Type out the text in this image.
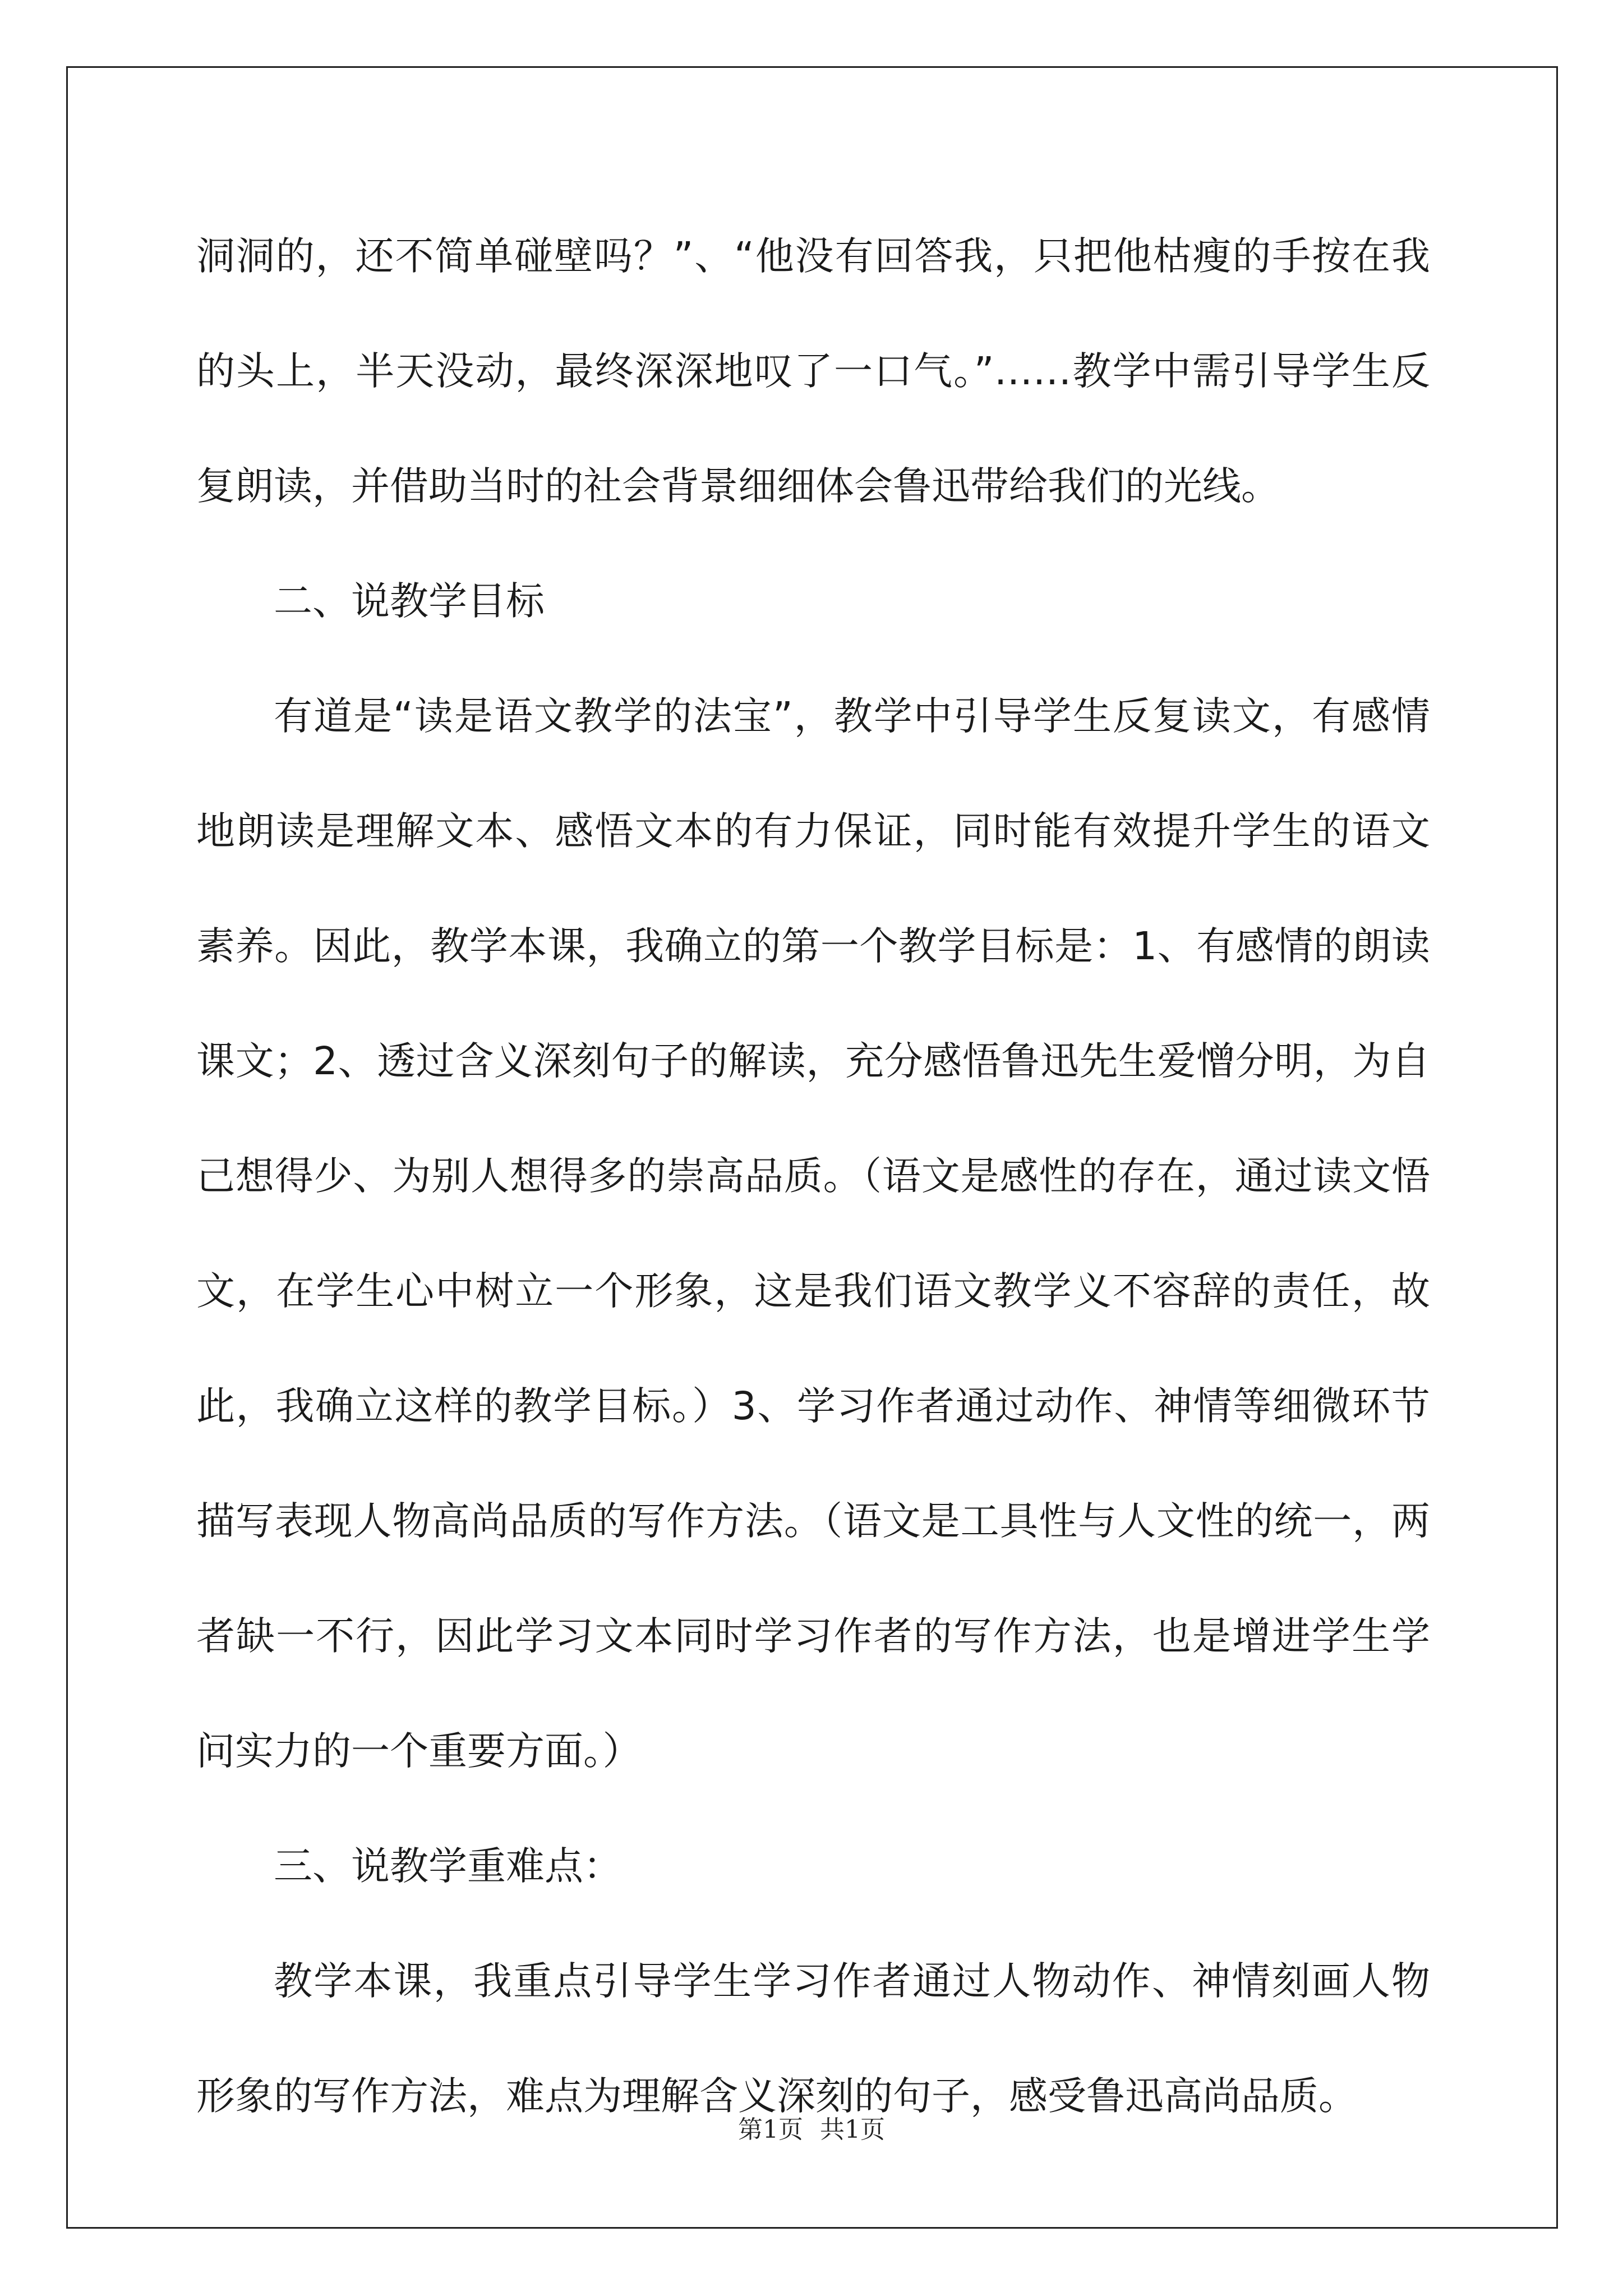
洞洞的，还不简单碰壁吗？”、“他没有回答我，只把他枯瘦的手按在我的头上，半天没动，最终深深地叹了一口气。”……教学中需引导学生反复朗读，并借助当时的社会背景细细体会鲁迅带给我们的光线。

二、说教学目标

有道是“读是语文教学的法宝”，教学中引导学生反复读文，有感情地朗读是理解文本、感悟文本的有力保证，同时能有效提升学生的语文素养。因此，教学本课，我确立的第一个教学目标是：1、有感情的朗读课文；2、透过含义深刻句子的解读，充分感悟鲁迅先生爱憎分明，为自己想得少、为别人想得多的崇高品质。（语文是感性的存在，通过读文悟文，在学生心中树立一个形象，这是我们语文教学义不容辞的责任，故此，我确立这样的教学目标。）3、学习作者通过动作、神情等细微环节描写表现人物高尚品质的写作方法。（语文是工具性与人文性的统一，两者缺一不行，因此学习文本同时学习作者的写作方法，也是增进学生学问实力的一个重要方面。）

三、说教学重难点：

教学本课，我重点引导学生学习作者通过人物动作、神情刻画人物形象的写作方法，难点为理解含义深刻的句子，感受鲁迅高尚品质。

第1页 共1页
